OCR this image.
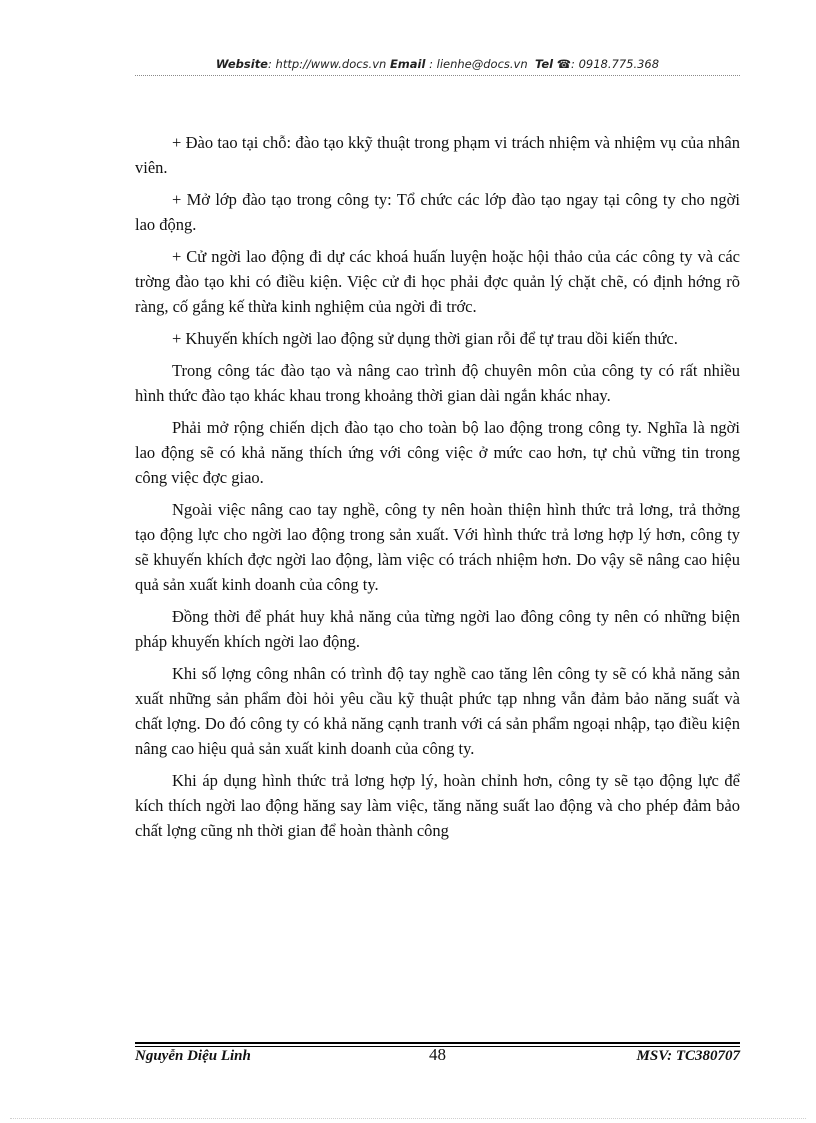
Website: http://www.docs.vn Email : lienhe@docs.vn Tel ☎: 0918.775.368

+ Đào tao tại chỗ: đào tạo kkỹ thuật trong phạm vi trách nhiệm và nhiệm vụ của nhân viên.

+ Mở lớp đào tạo trong công ty: Tổ chức các lớp đào tạo ngay tại công ty cho ngời lao động.

+ Cử ngời lao động đi dự các khoá huấn luyện hoặc hội thảo của các công ty và các trờng đào tạo khi có điều kiện. Việc cử đi học phải đợc quản lý chặt chẽ, có định hớng rõ ràng, cố gắng kế thừa kinh nghiệm của ngời đi trớc.

+ Khuyến khích ngời lao động sử dụng thời gian rỗi để tự trau dồi kiến thức.

Trong công tác đào tạo và nâng cao trình độ chuyên môn của công ty có rất nhiều hình thức đào tạo khác khau trong khoảng thời gian dài ngắn khác nhay.

Phải mở rộng chiến dịch đào tạo cho toàn bộ lao động trong công ty. Nghĩa là ngời lao động sẽ có khả năng thích ứng với công việc ở mức cao hơn, tự chủ vững tin trong công việc đợc giao.

Ngoài việc nâng cao tay nghề, công ty nên hoàn thiện hình thức trả lơng, trả thởng tạo động lực cho ngời lao động trong sản xuất. Với hình thức trả lơng hợp lý hơn, công ty sẽ khuyến khích đợc ngời lao động, làm việc có trách nhiệm hơn. Do vậy sẽ nâng cao hiệu quả sản xuất kinh doanh của công ty.

Đồng thời để phát huy khả năng của từng ngời lao đông công ty nên có những biện pháp khuyến khích ngời lao động.

Khi số lợng công nhân có trình độ tay nghề cao tăng lên công ty sẽ có khả năng sản xuất những sản phẩm đòi hỏi yêu cầu kỹ thuật phức tạp nhng vẫn đảm bảo năng suất và chất lợng. Do đó công ty có khả năng cạnh tranh với cá sản phẩm ngoại nhập, tạo điều kiện nâng cao hiệu quả sản xuất kinh doanh của công ty.

Khi áp dụng hình thức trả lơng hợp lý, hoàn chỉnh hơn, công ty sẽ tạo động lực để kích thích ngời lao động hăng say làm việc, tăng năng suất lao động và cho phép đảm bảo chất lợng cũng nh thời gian để hoàn thành công

Nguyễn Diệu Linh	48	MSV: TC380707
